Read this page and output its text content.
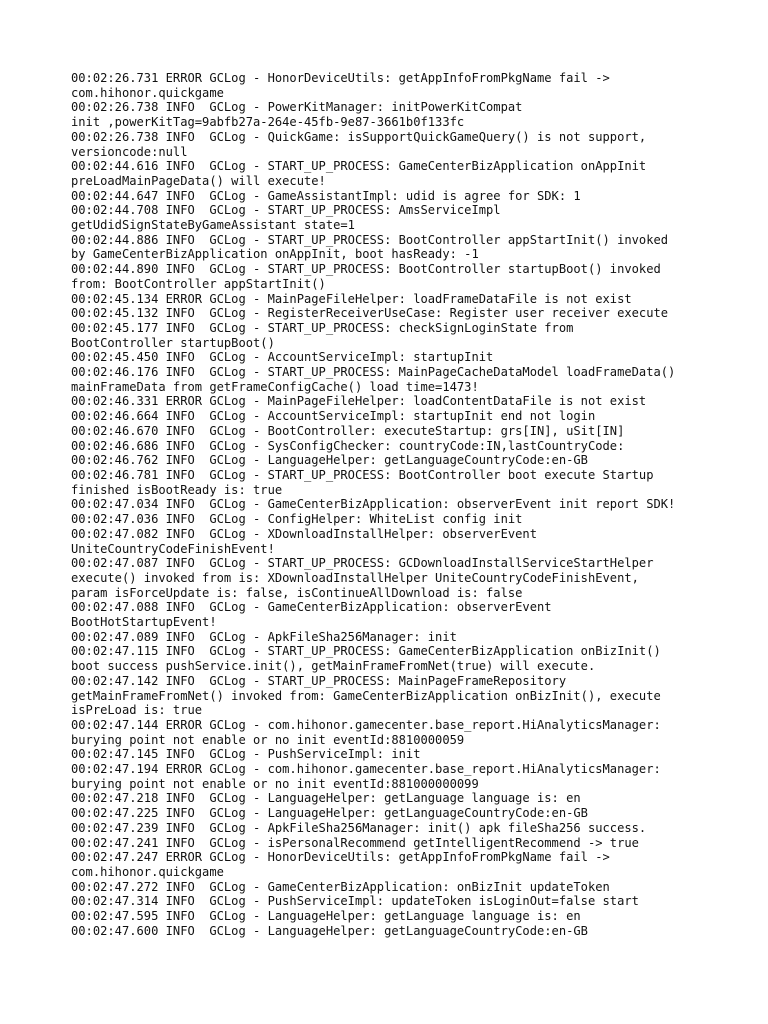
00:02:26.731 ERROR GCLog - HonorDeviceUtils: getAppInfoFromPkgName fail ->
com.hihonor.quickgame
00:02:26.738 INFO  GCLog - PowerKitManager: initPowerKitCompat
init ,powerKitTag=9abfb27a-264e-45fb-9e87-3661b0f133fc
00:02:26.738 INFO  GCLog - QuickGame: isSupportQuickGameQuery() is not support,
versioncode:null
00:02:44.616 INFO  GCLog - START_UP_PROCESS: GameCenterBizApplication onAppInit
preLoadMainPageData() will execute!
00:02:44.647 INFO  GCLog - GameAssistantImpl: udid is agree for SDK: 1
00:02:44.708 INFO  GCLog - START_UP_PROCESS: AmsServiceImpl
getUdidSignStateByGameAssistant state=1
00:02:44.886 INFO  GCLog - START_UP_PROCESS: BootController appStartInit() invoked
by GameCenterBizApplication onAppInit, boot hasReady: -1
00:02:44.890 INFO  GCLog - START_UP_PROCESS: BootController startupBoot() invoked
from: BootController appStartInit()
00:02:45.134 ERROR GCLog - MainPageFileHelper: loadFrameDataFile is not exist
00:02:45.132 INFO  GCLog - RegisterReceiverUseCase: Register user receiver execute
00:02:45.177 INFO  GCLog - START_UP_PROCESS: checkSignLoginState from
BootController startupBoot()
00:02:45.450 INFO  GCLog - AccountServiceImpl: startupInit
00:02:46.176 INFO  GCLog - START_UP_PROCESS: MainPageCacheDataModel loadFrameData()
mainFrameData from getFrameConfigCache() load time=1473!
00:02:46.331 ERROR GCLog - MainPageFileHelper: loadContentDataFile is not exist
00:02:46.664 INFO  GCLog - AccountServiceImpl: startupInit end not login
00:02:46.670 INFO  GCLog - BootController: executeStartup: grs[IN], uSit[IN]
00:02:46.686 INFO  GCLog - SysConfigChecker: countryCode:IN,lastCountryCode:
00:02:46.762 INFO  GCLog - LanguageHelper: getLanguageCountryCode:en-GB
00:02:46.781 INFO  GCLog - START_UP_PROCESS: BootController boot execute Startup
finished isBootReady is: true
00:02:47.034 INFO  GCLog - GameCenterBizApplication: observerEvent init report SDK!
00:02:47.036 INFO  GCLog - ConfigHelper: WhiteList config init
00:02:47.082 INFO  GCLog - XDownloadInstallHelper: observerEvent
UniteCountryCodeFinishEvent!
00:02:47.087 INFO  GCLog - START_UP_PROCESS: GCDownloadInstallServiceStartHelper
execute() invoked from is: XDownloadInstallHelper UniteCountryCodeFinishEvent,
param isForceUpdate is: false, isContinueAllDownload is: false
00:02:47.088 INFO  GCLog - GameCenterBizApplication: observerEvent
BootHotStartupEvent!
00:02:47.089 INFO  GCLog - ApkFileSha256Manager: init
00:02:47.115 INFO  GCLog - START_UP_PROCESS: GameCenterBizApplication onBizInit()
boot success pushService.init(), getMainFrameFromNet(true) will execute.
00:02:47.142 INFO  GCLog - START_UP_PROCESS: MainPageFrameRepository
getMainFrameFromNet() invoked from: GameCenterBizApplication onBizInit(), execute
isPreLoad is: true
00:02:47.144 ERROR GCLog - com.hihonor.gamecenter.base_report.HiAnalyticsManager:
burying point not enable or no init eventId:8810000059
00:02:47.145 INFO  GCLog - PushServiceImpl: init
00:02:47.194 ERROR GCLog - com.hihonor.gamecenter.base_report.HiAnalyticsManager:
burying point not enable or no init eventId:881000000099
00:02:47.218 INFO  GCLog - LanguageHelper: getLanguage language is: en
00:02:47.225 INFO  GCLog - LanguageHelper: getLanguageCountryCode:en-GB
00:02:47.239 INFO  GCLog - ApkFileSha256Manager: init() apk fileSha256 success.
00:02:47.241 INFO  GCLog - isPersonalRecommend getIntelligentRecommend -> true
00:02:47.247 ERROR GCLog - HonorDeviceUtils: getAppInfoFromPkgName fail ->
com.hihonor.quickgame
00:02:47.272 INFO  GCLog - GameCenterBizApplication: onBizInit updateToken
00:02:47.314 INFO  GCLog - PushServiceImpl: updateToken isLoginOut=false start
00:02:47.595 INFO  GCLog - LanguageHelper: getLanguage language is: en
00:02:47.600 INFO  GCLog - LanguageHelper: getLanguageCountryCode:en-GB
